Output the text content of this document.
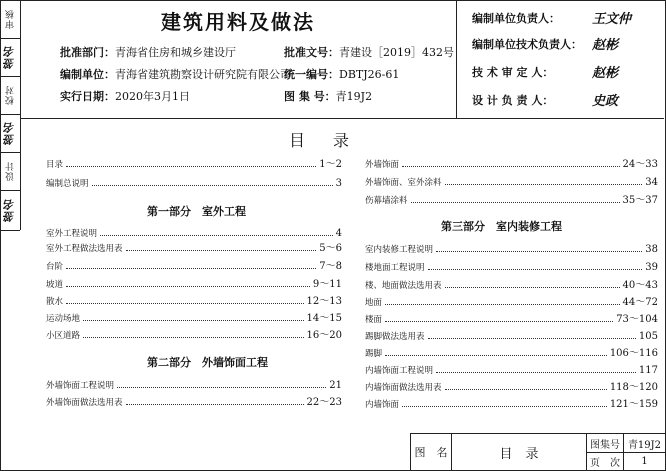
审核
签名
校对
签名
设计
签名
建筑用料及做法
批准部门：青海省住房和城乡建设厅	批准文号：青建设［2019］432号
编制单位：青海省建筑勘察设计研究院有限公司
统一编号：DBTJ26-61
实行日期：2020年3月1日	图 集 号：青19J2
编制单位负责人： 王文仲
编制单位技术负责人： 赵彬
技 术 审 定 人：	赵彬
设 计 负 责 人：	史政
目录
目录	1～2
编制总说明	3
第一部分　室外工程
室外工程说明	4
室外工程做法选用表	5～6
台阶	7～8
坡道	9～11
散水	12～13
运动场地	14～15
小区道路	16～20
第二部分　外墙饰面工程
外墙饰面工程说明	21
外墙饰面做法选用表	22～23
外墙饰面	24～33
外墙饰面、室外涂料	34
伤幕墙涂料	35～37
第三部分　室内装修工程
室内装修工程说明	38
楼地面工程说明	39
楼、地面做法选用表	40～43
地面	44～72
楼面	73～104
踢脚做法选用表	105
踢脚	106～116
内墙饰面工程说明	117
内墙饰面做法选用表	118～120
内墙饰面	121～159
图　名	目　录
图集号 青19J2
页　次	1
